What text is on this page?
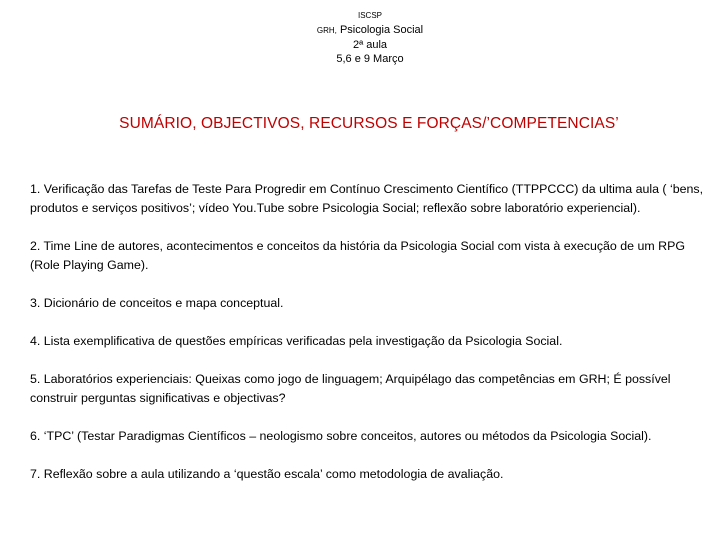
ISCSP
GRH, Psicologia Social
2ª aula
5,6 e 9 Março
SUMÁRIO, OBJECTIVOS, RECURSOS E FORÇAS/’COMPETENCIAS’
1. Verificação das Tarefas de Teste Para Progredir em Contínuo Crescimento Científico (TTPPCCC) da ultima aula ( ‘bens, produtos e serviços positivos’; vídeo You.Tube sobre Psicologia Social; reflexão sobre laboratório experiencial).
2. Time Line de autores, acontecimentos e conceitos da história da Psicologia Social com vista à execução de um RPG (Role Playing Game).
3. Dicionário de conceitos e mapa conceptual.
4. Lista exemplificativa de questões empíricas verificadas pela investigação da Psicologia Social.
5. Laboratórios experienciais: Queixas como jogo de linguagem; Arquipélago das competências em GRH; É possível construir perguntas significativas e objectivas?
6. ‘TPC’ (Testar Paradigmas Científicos – neologismo sobre conceitos, autores ou métodos da Psicologia Social).
7. Reflexão sobre a aula utilizando a ‘questão escala’ como metodologia de avaliação.
